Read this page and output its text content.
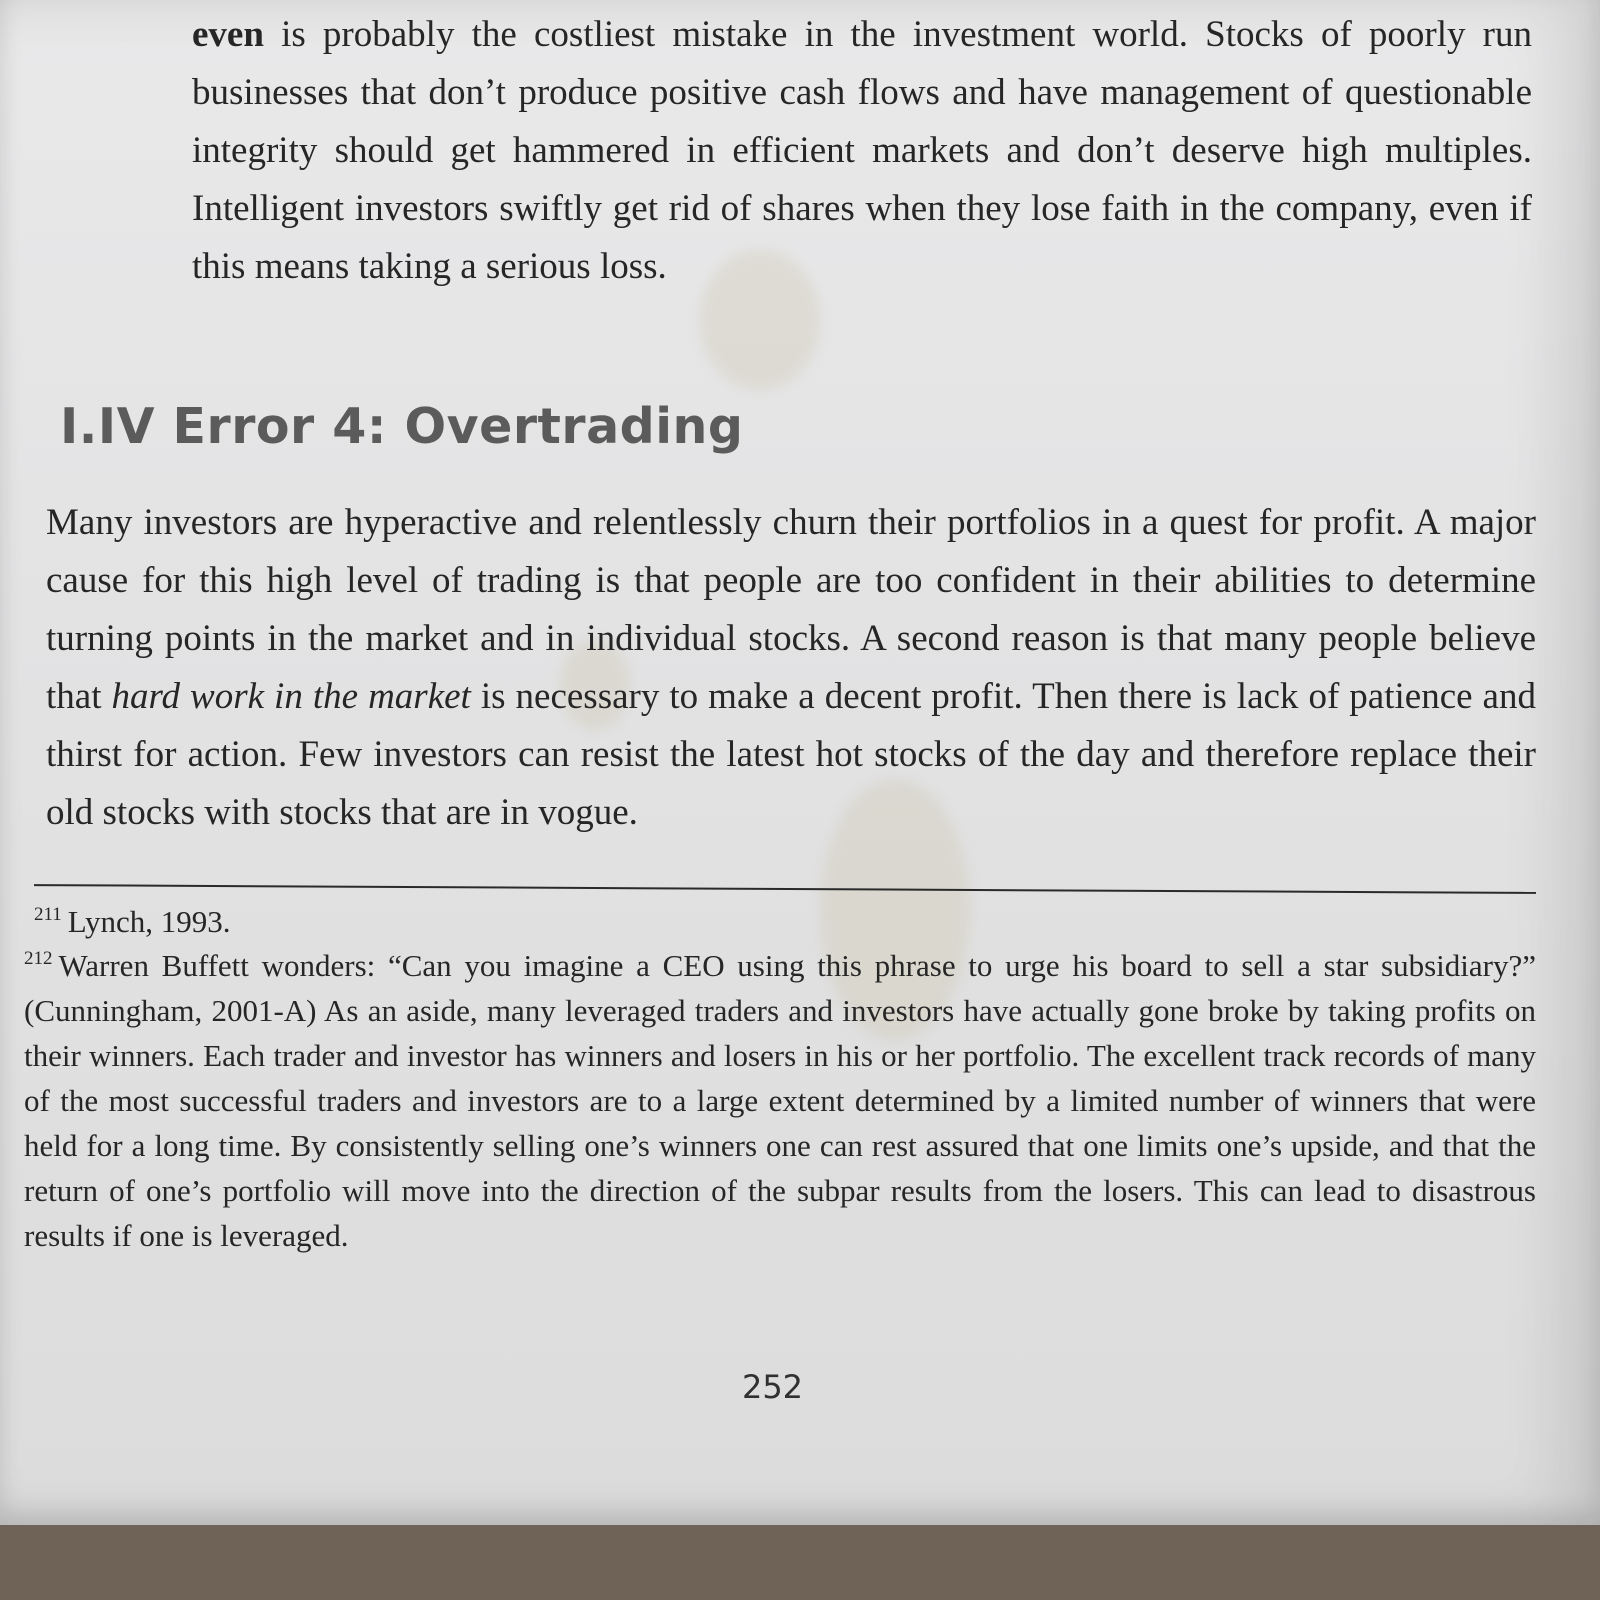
even is probably the costliest mistake in the investment world. Stocks of poorly run businesses that don’t produce positive cash flows and have management of questionable integrity should get hammered in efficient markets and don’t deserve high multiples. Intelligent investors swiftly get rid of shares when they lose faith in the company, even if this means taking a serious loss.

I.IV Error 4: Overtrading

Many investors are hyperactive and relentlessly churn their portfolios in a quest for profit. A major cause for this high level of trading is that people are too confident in their abilities to determine turning points in the market and in individual stocks. A second reason is that many people believe that hard work in the market is necessary to make a decent profit. Then there is lack of patience and thirst for action. Few investors can resist the latest hot stocks of the day and therefore replace their old stocks with stocks that are in vogue.

$^{211}$ Lynch, 1993.

$^{212}$ Warren Buffett wonders: “Can you imagine a CEO using this phrase to urge his board to sell a star subsidiary?” (Cunningham, 2001-A) As an aside, many leveraged traders and investors have actually gone broke by taking profits on their winners. Each trader and investor has winners and losers in his or her portfolio. The excellent track records of many of the most successful traders and investors are to a large extent determined by a limited number of winners that were held for a long time. By consistently selling one’s winners one can rest assured that one limits one’s upside, and that the return of one’s portfolio will move into the direction of the subpar results from the losers. This can lead to disastrous results if one is leveraged.

252
